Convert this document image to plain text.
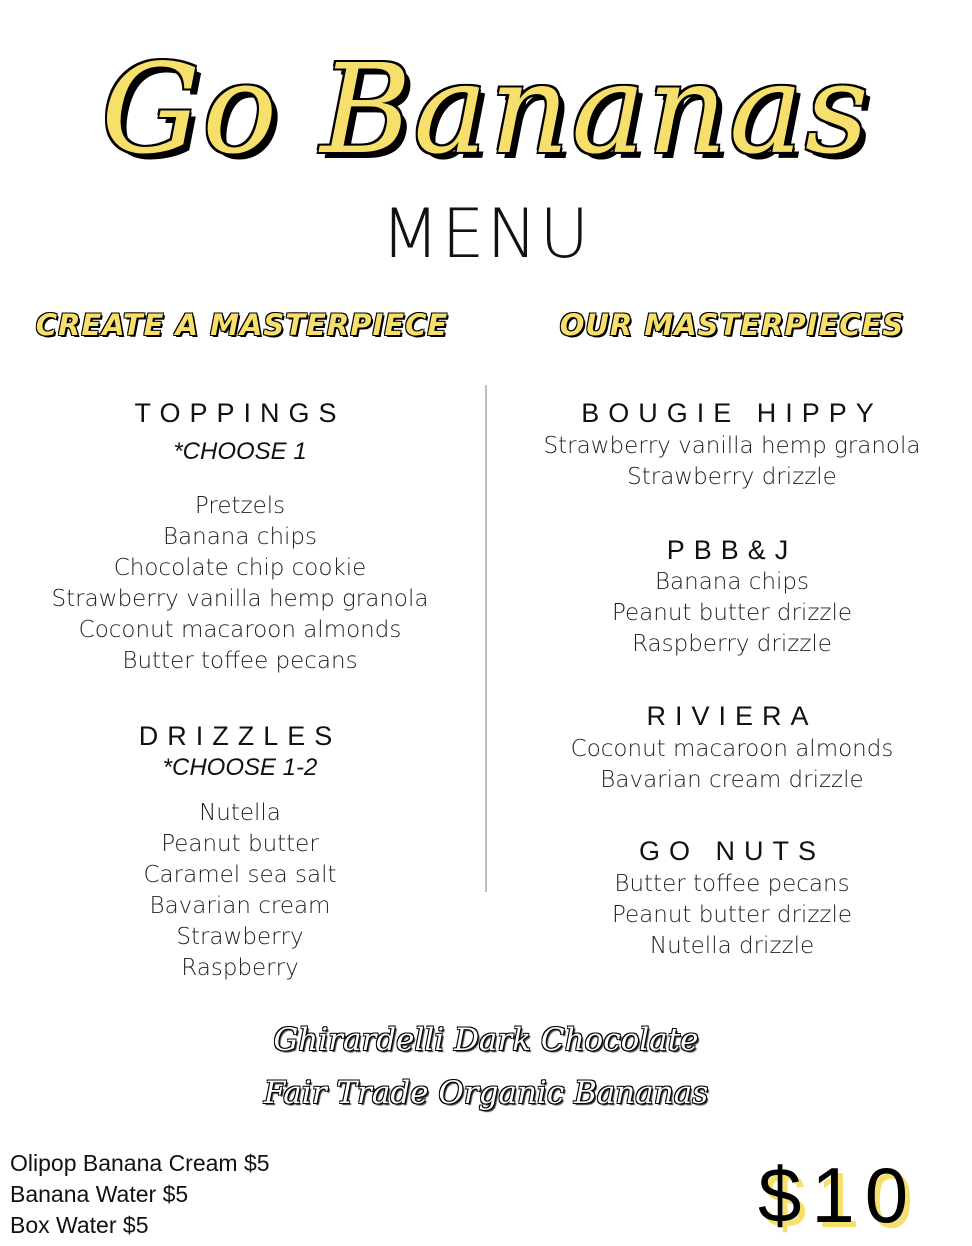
Go Bananas
MENU
CREATE A MASTERPIECE	OUR MASTERPIECES
TOPPINGS
*CHOOSE 1
Pretzels
Banana chips
Chocolate chip cookie
Strawberry vanilla hemp granola
Coconut macaroon almonds
Butter toffee pecans
DRIZZLES
*CHOOSE 1-2
Nutella
Peanut butter
Caramel sea salt
Bavarian cream
Strawberry
Raspberry
BOUGIE HIPPY
Strawberry vanilla hemp granola
Strawberry drizzle
PBB&J
Banana chips
Peanut butter drizzle
Raspberry drizzle
RIVIERA
Coconut macaroon almonds
Bavarian cream drizzle
GO NUTS
Butter toffee pecans
Peanut butter drizzle
Nutella drizzle
Ghirardelli Dark Chocolate
Fair Trade Organic Bananas
Olipop Banana Cream $5
Banana Water $5
Box Water $5	$10
